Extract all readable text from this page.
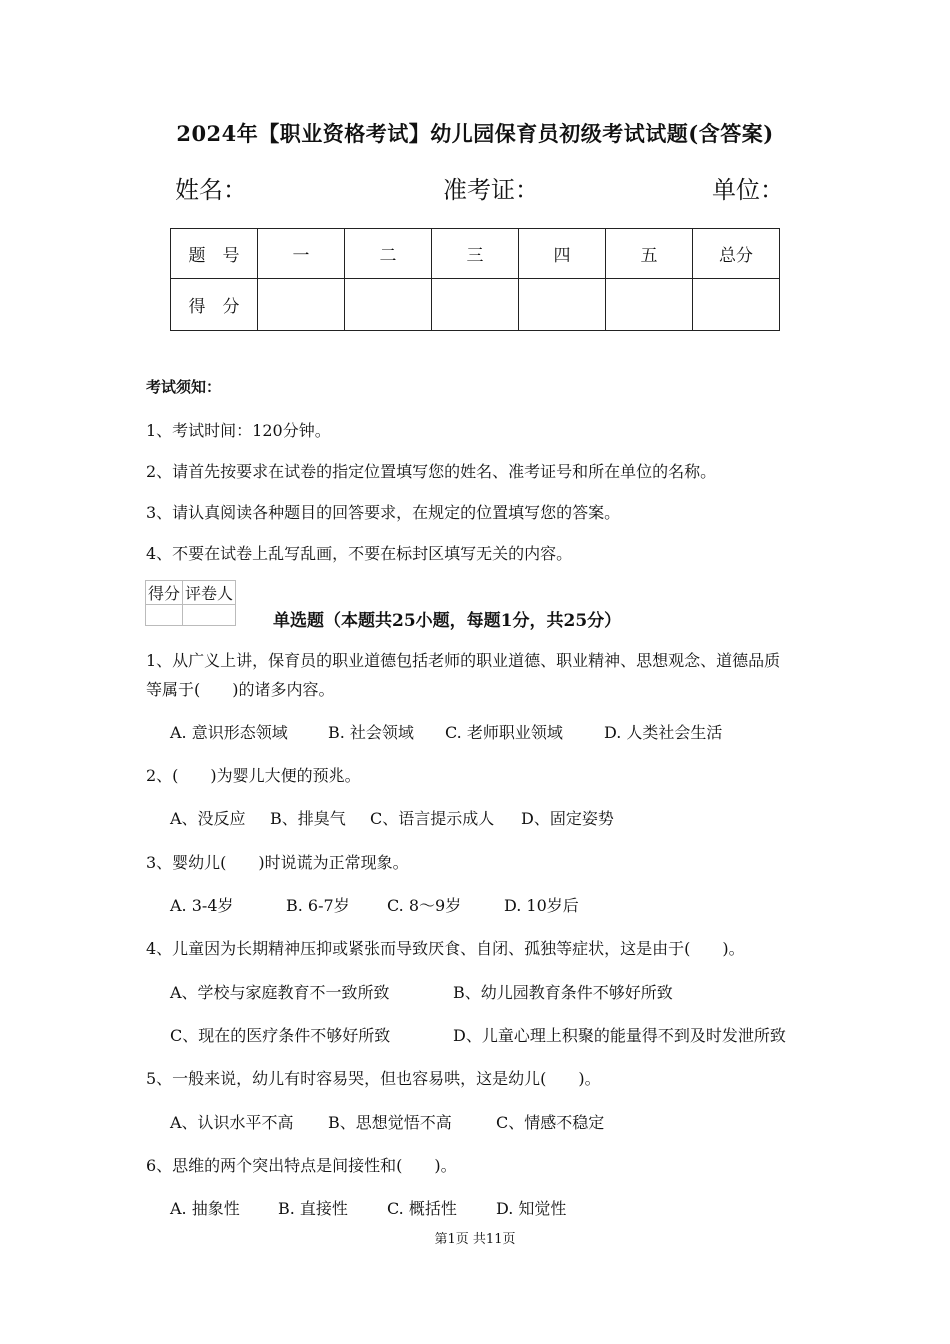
2024年【职业资格考试】幼儿园保育员初级考试试题(含答案)
姓名：	准考证：	单位：
题　号	一	二	三	四	五	总分
得　分						
考试须知：
1、考试时间：120分钟。
2、请首先按要求在试卷的指定位置填写您的姓名、准考证号和所在单位的名称。
3、请认真阅读各种题目的回答要求，在规定的位置填写您的答案。
4、不要在试卷上乱写乱画，不要在标封区填写无关的内容。
得分	评卷人

单选题（本题共25小题，每题1分，共25分）
1、从广义上讲，保育员的职业道德包括老师的职业道德、职业精神、思想观念、道德品质
等属于(　　)的诸多内容。
A. 意识形态领域	B. 社会领域 C. 老师职业领域	D. 人类社会生活
2、(　　)为婴儿大便的预兆。
A、没反应 B、排臭气 C、语言提示成人 D、固定姿势
3、婴幼儿(　　)时说谎为正常现象。
A. 3-4岁	B. 6-7岁 C. 8～9岁	D. 10岁后
4、儿童因为长期精神压抑或紧张而导致厌食、自闭、孤独等症状，这是由于(　　)。
A、学校与家庭教育不一致所致	B、幼儿园教育条件不够好所致
C、现在的医疗条件不够好所致	D、儿童心理上积聚的能量得不到及时发泄所致
5、一般来说，幼儿有时容易哭，但也容易哄，这是幼儿(　　)。
A、认识水平不高 B、思想觉悟不高	C、情感不稳定
6、思维的两个突出特点是间接性和(　　)。
A. 抽象性 B. 直接性 C. 概括性 D. 知觉性
第1页 共11页
